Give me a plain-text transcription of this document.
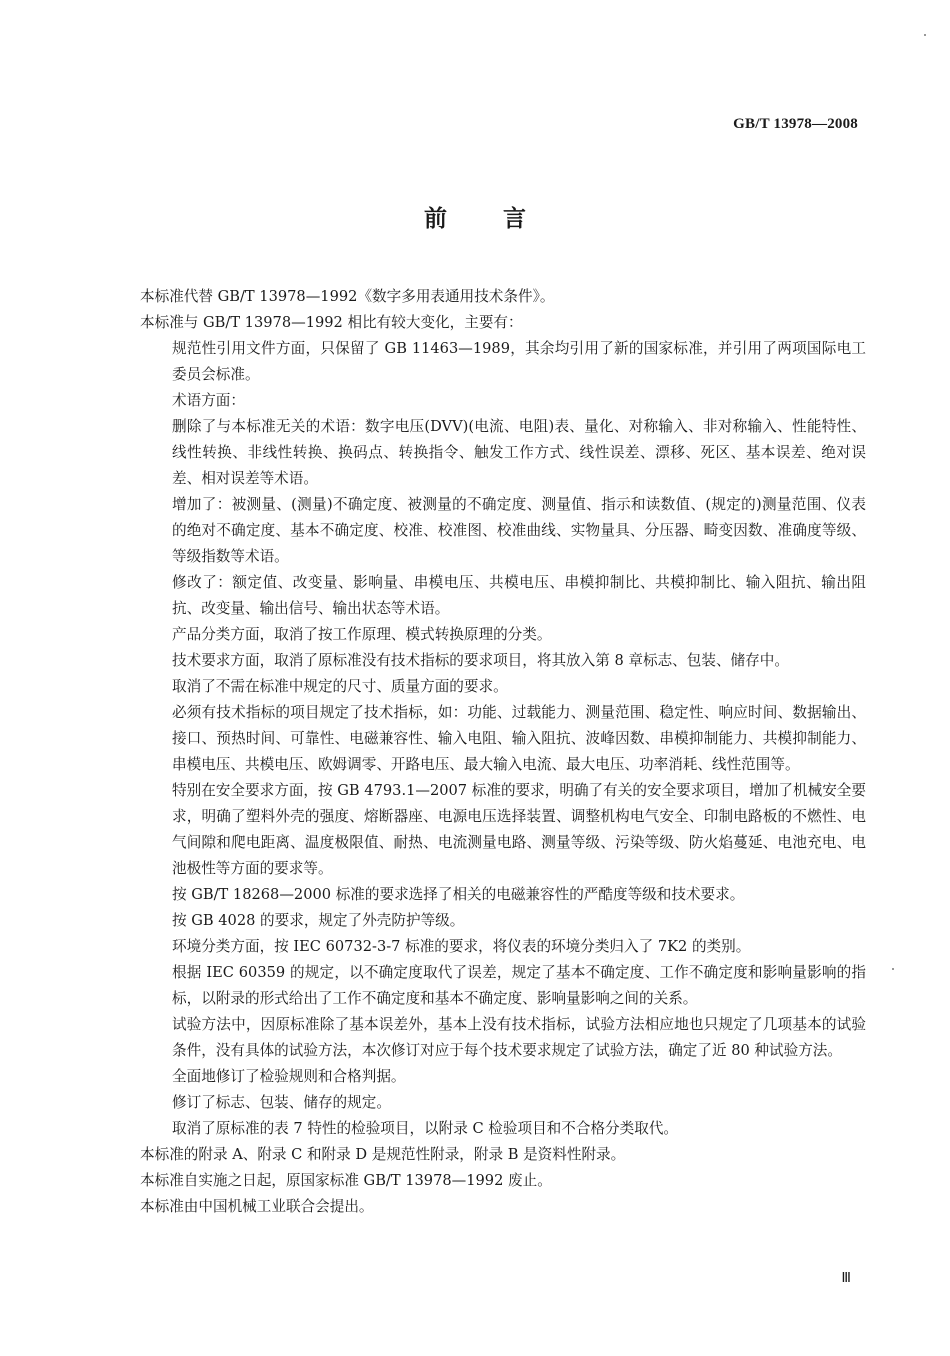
GB/T 13978—2008
前言
本标准代替 GB/T 13978—1992《数字多用表通用技术条件》。
本标准与 GB/T 13978—1992 相比有较大变化，主要有：
规范性引用文件方面，只保留了 GB 11463—1989，其余均引用了新的国家标准，并引用了两项国际电工委员会标准。
术语方面：
删除了与本标准无关的术语：数字电压(DVV)(电流、电阻)表、量化、对称输入、非对称输入、性能特性、线性转换、非线性转换、换码点、转换指令、触发工作方式、线性误差、漂移、死区、基本误差、绝对误差、相对误差等术语。
增加了：被测量、(测量)不确定度、被测量的不确定度、测量值、指示和读数值、(规定的)测量范围、仪表的绝对不确定度、基本不确定度、校准、校准图、校准曲线、实物量具、分压器、畸变因数、准确度等级、等级指数等术语。
修改了：额定值、改变量、影响量、串模电压、共模电压、串模抑制比、共模抑制比、输入阻抗、输出阻抗、改变量、输出信号、输出状态等术语。
产品分类方面，取消了按工作原理、模式转换原理的分类。
技术要求方面，取消了原标准没有技术指标的要求项目，将其放入第 8 章标志、包装、储存中。
取消了不需在标准中规定的尺寸、质量方面的要求。
必须有技术指标的项目规定了技术指标，如：功能、过载能力、测量范围、稳定性、响应时间、数据输出、接口、预热时间、可靠性、电磁兼容性、输入电阻、输入阻抗、波峰因数、串模抑制能力、共模抑制能力、串模电压、共模电压、欧姆调零、开路电压、最大输入电流、最大电压、功率消耗、线性范围等。
特别在安全要求方面，按 GB 4793.1—2007 标准的要求，明确了有关的安全要求项目，增加了机械安全要求，明确了塑料外壳的强度、熔断器座、电源电压选择装置、调整机构电气安全、印制电路板的不燃性、电气间隙和爬电距离、温度极限值、耐热、电流测量电路、测量等级、污染等级、防火焰蔓延、电池充电、电池极性等方面的要求等。
按 GB/T 18268—2000 标准的要求选择了相关的电磁兼容性的严酷度等级和技术要求。
按 GB 4028 的要求，规定了外壳防护等级。
环境分类方面，按 IEC 60732-3-7 标准的要求，将仪表的环境分类归入了 7K2 的类别。
根据 IEC 60359 的规定，以不确定度取代了误差，规定了基本不确定度、工作不确定度和影响量影响的指标，以附录的形式给出了工作不确定度和基本不确定度、影响量影响之间的关系。
试验方法中，因原标准除了基本误差外，基本上没有技术指标，试验方法相应地也只规定了几项基本的试验条件，没有具体的试验方法，本次修订对应于每个技术要求规定了试验方法，确定了近 80 种试验方法。
全面地修订了检验规则和合格判据。
修订了标志、包装、储存的规定。
取消了原标准的表 7 特性的检验项目，以附录 C 检验项目和不合格分类取代。
本标准的附录 A、附录 C 和附录 D 是规范性附录，附录 B 是资料性附录。
本标准自实施之日起，原国家标准 GB/T 13978—1992 废止。
本标准由中国机械工业联合会提出。
Ⅲ
